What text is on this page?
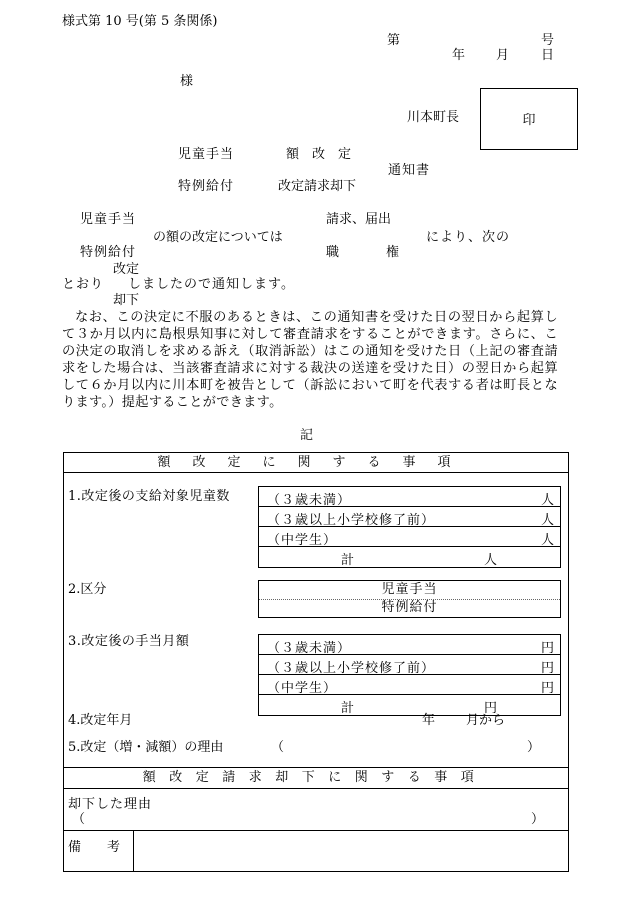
様式第 10 号(第 5 条関係)
第	号
年 月 日
様
川本町長	印
児童手当	額　改　定
通知書
特例給付	改定請求却下
児童手当
の額の改定については
請求、届出
により、次の
特例給付	職	権
改定
とおり しましたので通知します。
却下
なお、この決定に不服のあるときは、この通知書を受けた日の翌日から起算して３か月以内に島根県知事に対して審査請求をすることができます。さらに、この決定の取消しを求める訴え（取消訴訟）はこの通知を受けた日（上記の審査請求をした場合は、当該審査請求に対する裁決の送達を受けた日）の翌日から起算して６か月以内に川本町を被告として（訴訟において町を代表する者は町長となります。）提起することができます。
記
額改定に関する事項
1.改定後の支給対象児童数	（３歳未満）	人
（３歳以上小学校修了前）	人
（中学生）	人
計	人
2.区分	児童手当
特例給付
3.改定後の手当月額	（３歳未満）	円
（３歳以上小学校修了前）	円
（中学生）	円
計	円
4.改定年月	年 月から
5.改定（増・減額）の理由	（	）
額改定請求却下に関する事項
却下した理由
（	）
備　　考
